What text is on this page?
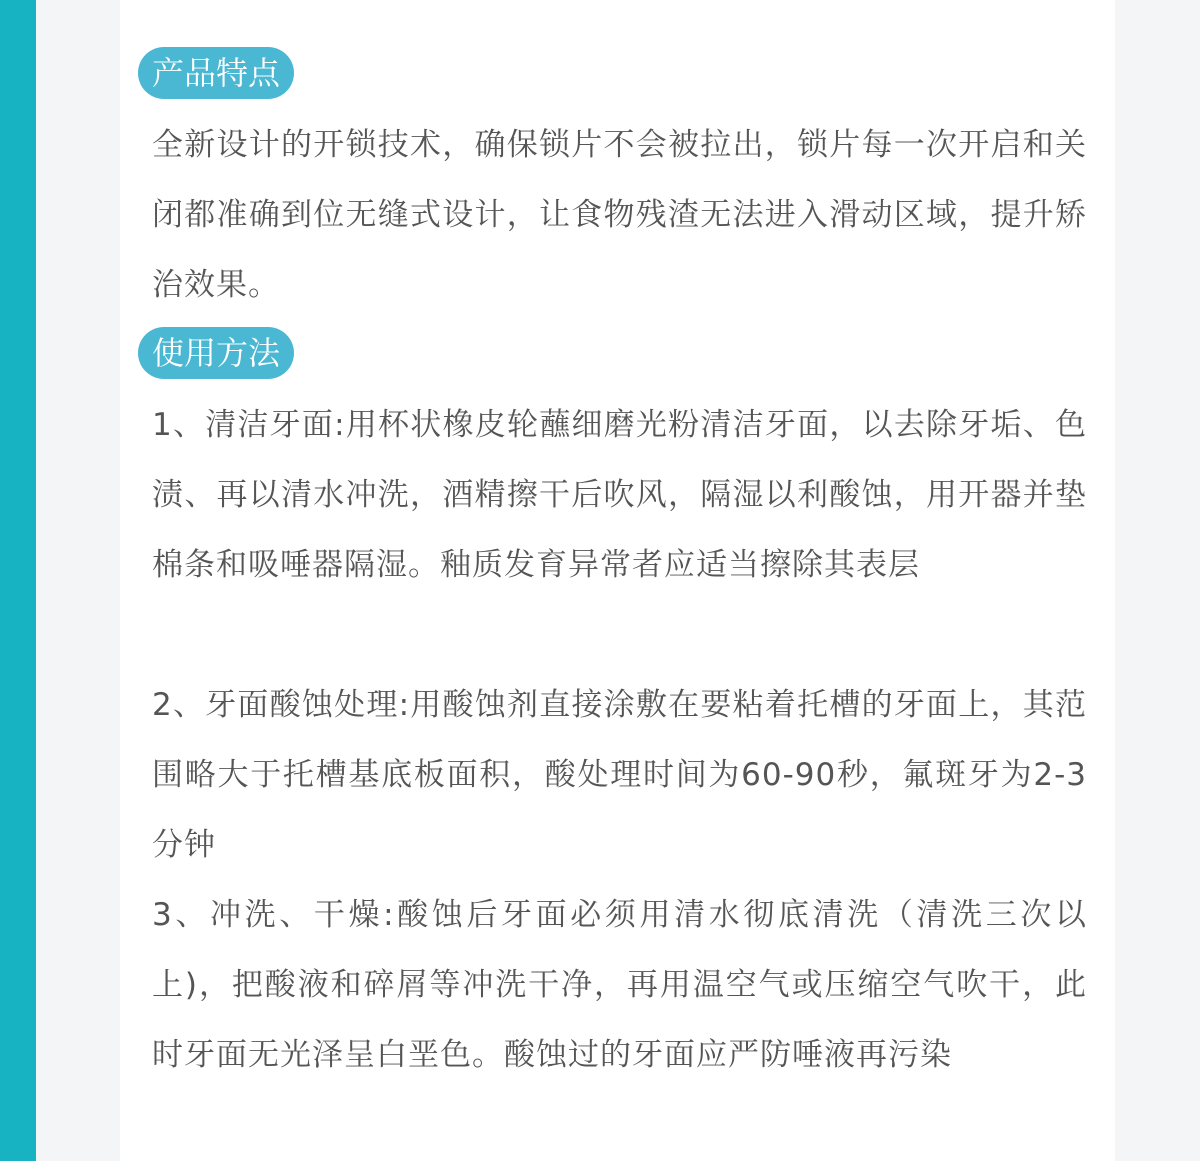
产品特点

全新设计的开锁技术，确保锁片不会被拉出，锁片每一次开启和关闭都准确到位无缝式设计，让食物残渣无法进入滑动区域，提升矫治效果。

使用方法

1、清洁牙面:用杯状橡皮轮蘸细磨光粉清洁牙面，以去除牙垢、色渍、再以清水冲洗，酒精擦干后吹风，隔湿以利酸蚀，用开器并垫棉条和吸唾器隔湿。釉质发育异常者应适当擦除其表层

2、牙面酸蚀处理:用酸蚀剂直接涂敷在要粘着托槽的牙面上，其范围略大于托槽基底板面积，酸处理时间为60-90秒，氟斑牙为2-3分钟

3、冲洗、干燥:酸蚀后牙面必须用清水彻底清洗（清洗三次以上)，把酸液和碎屑等冲洗干净，再用温空气或压缩空气吹干，此时牙面无光泽呈白垩色。酸蚀过的牙面应严防唾液再污染
